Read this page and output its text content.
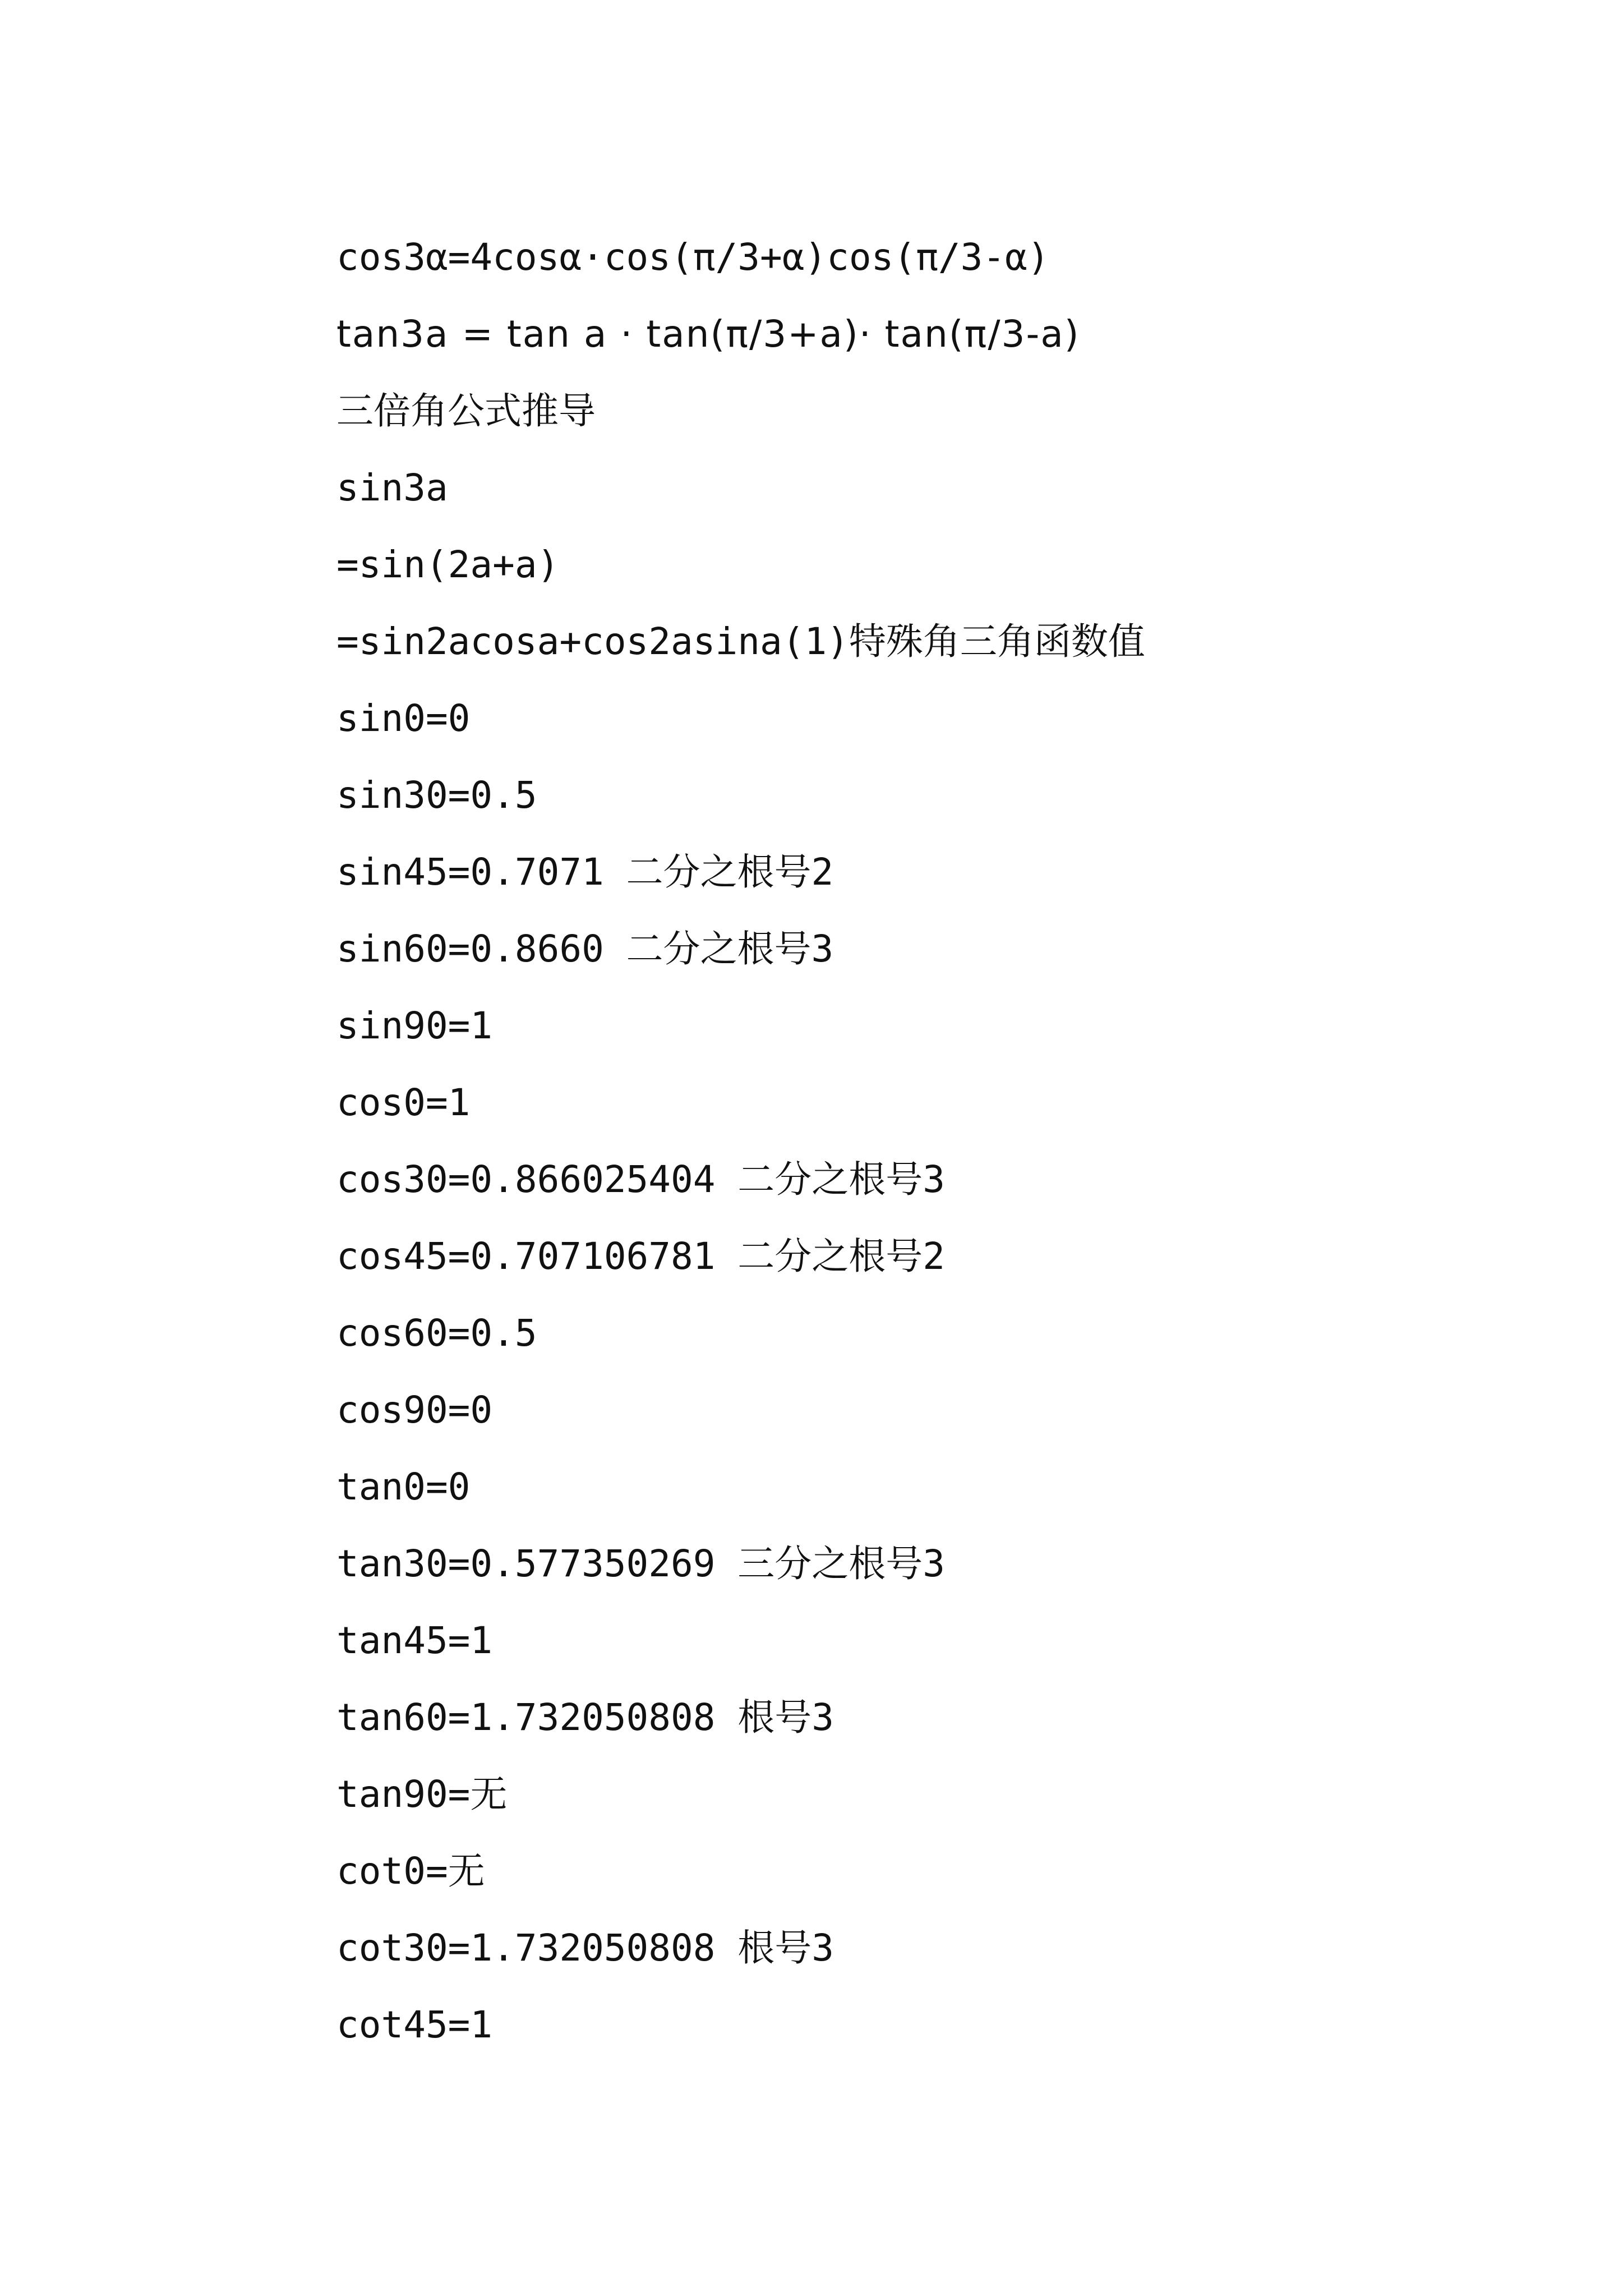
cos3α=4cosα·cos(π/3+α)cos(π/3-α)
tan3a = tan a · tan(π/3+a)· tan(π/3-a)
三倍角公式推导
sin3a
=sin(2a+a)
=sin2acosa+cos2asina(1)特殊角三角函数值
sin0=0
sin30=0.5
sin45=0.7071 二分之根号2
sin60=0.8660 二分之根号3
sin90=1
cos0=1
cos30=0.866025404 二分之根号3
cos45=0.707106781 二分之根号2
cos60=0.5
cos90=0
tan0=0
tan30=0.577350269 三分之根号3
tan45=1
tan60=1.732050808 根号3
tan90=无
cot0=无
cot30=1.732050808 根号3
cot45=1
